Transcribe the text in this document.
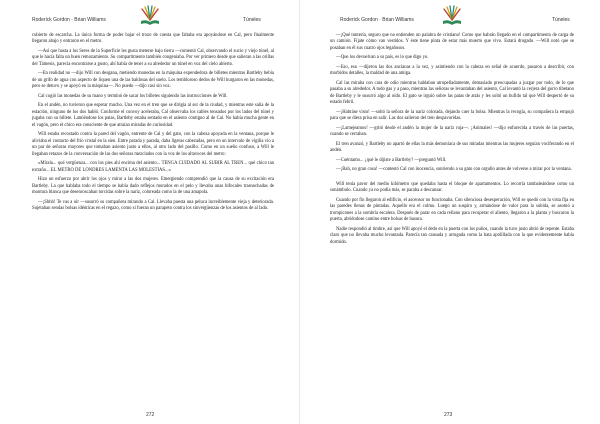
Roderick Gordon · Brian Williams	Túneles

cubierto de escarcha. La única forma de poder bajar el trozo de cuesta que faltaba era apoyándose en Cal, pero finalmente llegaron abajo y entraron en el metro.

—Así que hasta a los Seres de la Superficie les gusta meterse bajo tierra —comentó Cal, observando el sucio y viejo túnel, al que le hacía falta un buen remozamiento. Su compartimento también congeniaba. Por ver primero desde que salieran a las orillas del Támesis, parecía encontrarse a gusto, ahí había de tener a su alrededor un túnel en voz del cielo abierto.

—En realidad no —dijo Will con desgana, metiendo monedas en la máquina expendedora de billetes mientras Bartleby bebía de un grifo de agua con aspecto de líquen una de las baldosas del suelo. Los tembloroso dedos de Will hurgaron en las monedas, pero se detuvo y se apoyó en la máquina—. No puedo —dijo casi sin voz.

Cal cogió las monedas de su mano y terminó de sacar los billetes siguiendo las instrucciones de Will.

En el andén, no tuvieron que esperar mucho. Una vez en el tren que se dirigía al sur de la ciudad, y mientras este salía de la estación, ninguno de los dos habló. Conforme el convoy aceleraba, Cal observaba los cables tensados por los lados del túnel y jugaba con su billete. Lamiéndose los patas, Bartleby estaba sentado en el asiento contiguo al de Cal. No había mucha gente en el vagón, pero el chico era consciente de que atraían miradas de curiosidad.

Will estaba recostado contra la pared del vagón, entrente de Cal y del gato, con la cabeza apoyada en la ventana, porque le aliviaba el contacto del frío cristal en la sien. Entre parada y parada, daba ligeras cabezadas, pero en un intervalo de vigilia vio a un par de señoras mayores que tomaban asiento justo a ellos, al otro lado del pasillo. Como en un sueño confuso, a Will le llegaban retazos de la conversación de las dos señoras mezclados con la voz de los altavoces del metro:

«Mírala... qué vergüenza... con los pies ahí encima del asiento... TENGA CUIDADO AL SUBIR AL TREN... qué chico tan extraño... EL METRO DE LONDRES LAMENTA LAS MOLESTIAS...»

Hizo un esfuerzo por abrir los ojos y mirar a las dos mujeres. Emergiendo comprendió que la causa de su excitación era Bartleby. La que hablaba todo el tiempo se había dado reflejos morados en el pelo y llevaba unas bifocales trasnochadas de montura blanca que desenroscaban torcidas sobre la nariz, coloreada como la de una amapola.

—¡Shhh! Te vas a oír —susurró su compañera mirando a Cal. Llevaba puesta una peluca increíblemente vieja y deteriorada. Sujetaban sendas bolsas idénticas en el regazo, como si fueran un parapeto contra los sinvergüenzas de los asientos de al lado.

272
Roderick Gordon · Brian Williams	Túneles

—¡Qué tontería, seguro que no entienden un palabra de cristiano! Como que habrán llegado en el compartimento de carga de un camión. Fíjate cómo van vestidos. Y éste tiene pinta de estar más muerto que vivo. Estará drogado. —Will notó que se posaban en él sus cuatro ojos legañosos.

—Que los devuelvan a su país, es lo que digo yo.

—Eso, eso —dijeron las dos ancianas a la vez, y asintiendo con la cabeza en señal de acuerdo, pasaron a describir, con morbidos detalles, la maldad de una amiga.

Cal las miraba con cara de odio mientras hablaban atropelladamente, demasiado preocupadas a juzgar por todo, de lo que pasaba a su alrededor. A todo gas y a paso, mientras las señoras se levantaban del asiento, Cal levantó la cerjera del gorro tibetano de Bartleby y le susurró algo al oído. El gato se irguió sobre las patas de atrás y les soltó un bufido tal que Will despertó de su estado febril.

—¡Habráse visto! —soltó la señora de la nariz colorada, dejando caer la bolsa. Mientras la recogía, su compañera la empujó para que se diera prisa en salir. Las dos salieron del tren despavoridas.

—¡Lamejeamos! —gritó desde el andén la mujer de la nariz roja—. ¡Animales! —dijo enfurecida a través de las puertas, cuando se cerraban.

El tren avanzó, y Bartleby no apartó de ellas la más demoníaca de sus miradas mientras las mujeres seguían vociferando en el andén.

—Cuéntamo... ¿qué le dijiste a Bartleby? —preguntó Will.

—¡Bah, no gran cosa! —contestó Cal con inocencia, sonriendo a su gato con orgullo antes de volverse a mirar por la ventana.

Will tenía pavor del medio kilómetro que quedaba hasta el bloque de apartamentos. Lo recorría tambaleándose como un sonámbulo. Cuando ya no podía más, se paraba a descansar.

Cuando por fin llegaron al edificio, el ascensor no funcionaba. Con silenciosa desesperación, Will se quedó con la vista fija en las paredes llenas de pintadas. Aquello era el colmo. Luego un suspiro y, armándose de valor para la subida, se asomó a trompicones a la sombría escalera. Después de parar en cada rellano para recuperar el aliento, llegaron a la planta y buscaron la puerta, abriéndose camino entre bolsas de basura.

Nadie respondió al timbre, así que Will apoyó el dedo en la puerta con los puños, cuando la tuvo justo abrió de repente. Estaba claro que no llevaba mucho levantada. Parecía tan cansada y arrugada como la bata apolillada con la que evidentemente había dormido.

273
